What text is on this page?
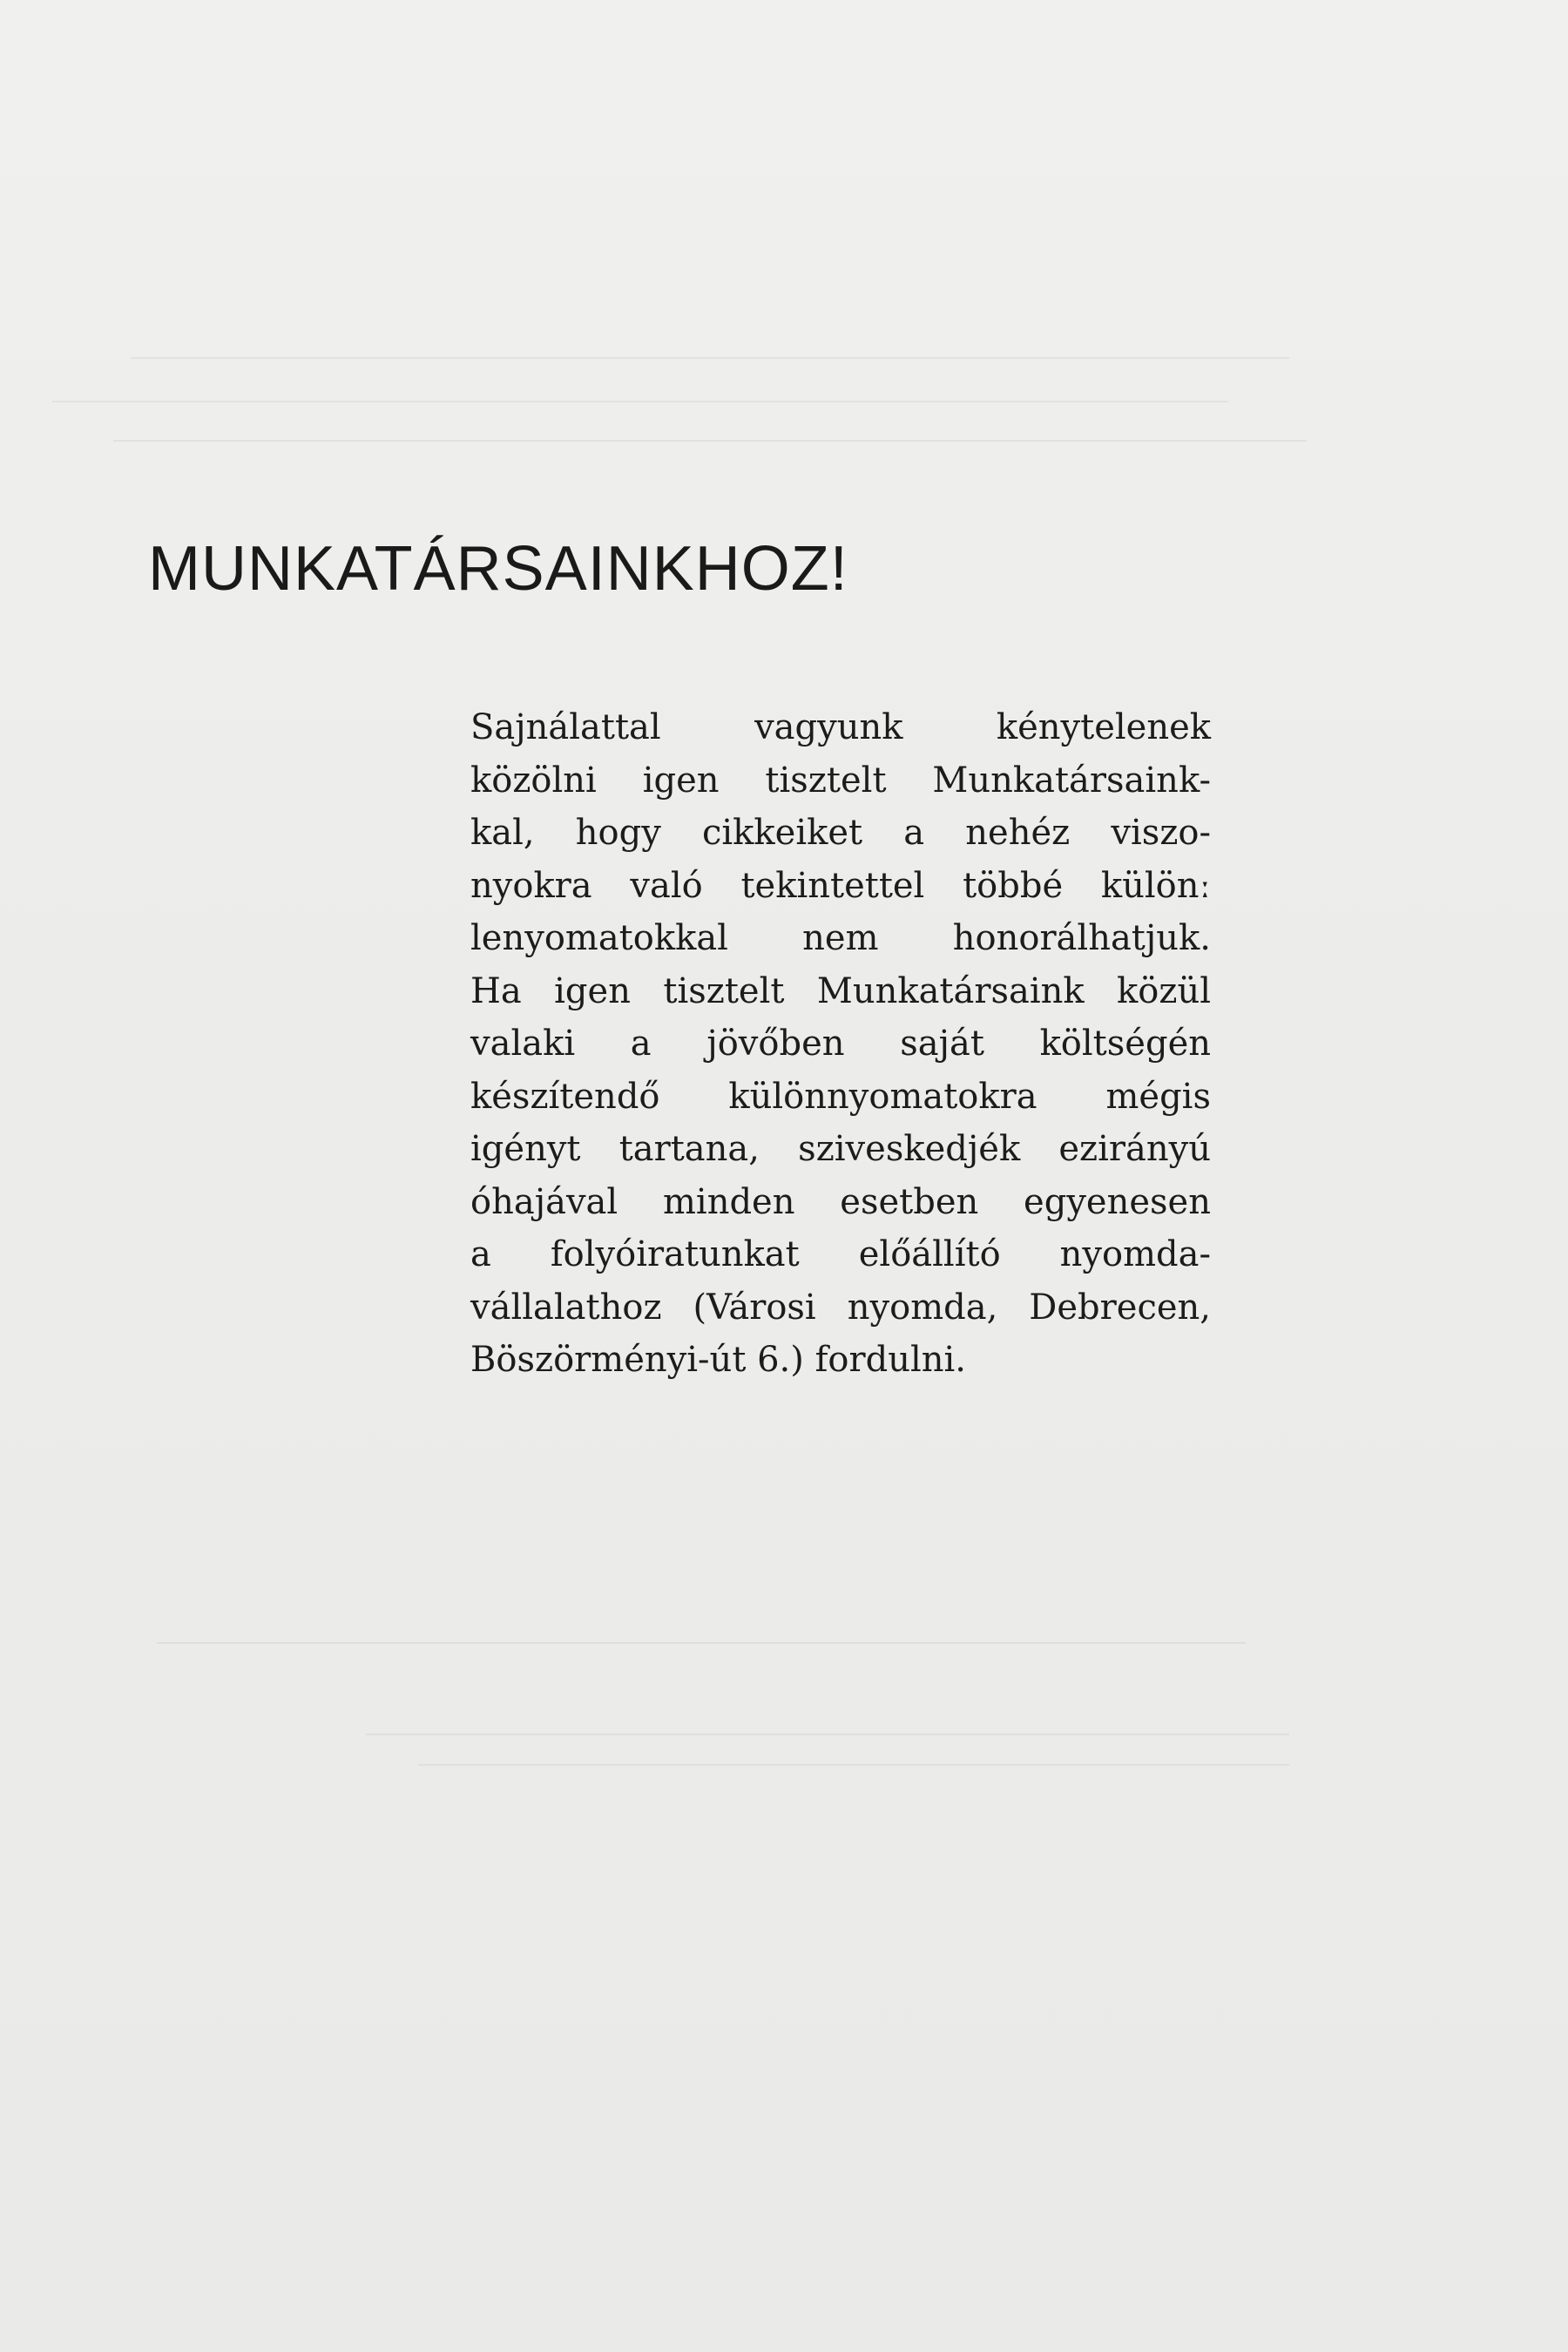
MUNKATÁRSAINKHOZ!
Sajnálattal vagyunk kénytelenek
közölni igen tisztelt Munkatársaink-
kal, hogy cikkeiket a nehéz viszo-
nyokra való tekintettel többé különː
lenyomatokkal nem honorálhatjuk.
Ha igen tisztelt Munkatársaink közül
valaki a jövőben saját költségén
készítendő különnyomatokra mégis
igényt tartana, sziveskedjék ezirányú
óhajával minden esetben egyenesen
a folyóiratunkat előállító nyomda-
vállalathoz (Városi nyomda, Debrecen,
Böszörményi-út 6.) fordulni.
